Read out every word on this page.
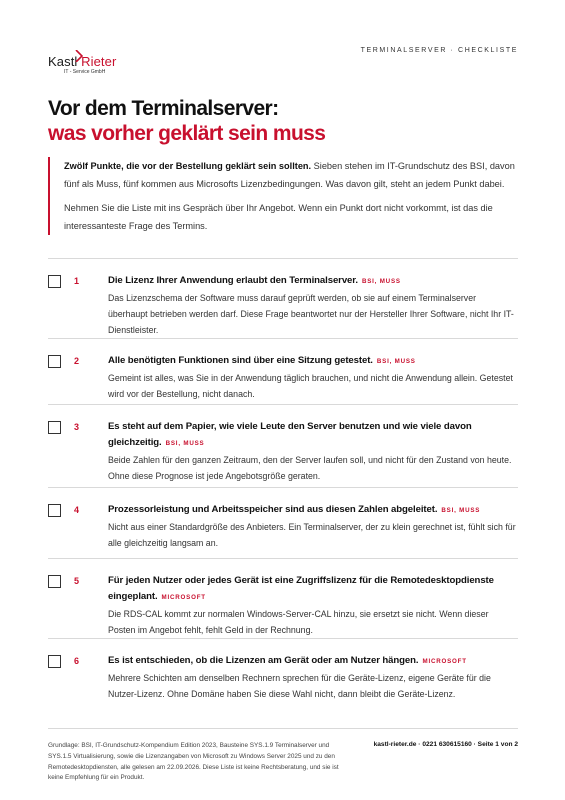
Kastl Rieter
IT - Service GmbH
TERMINALSERVER · CHECKLISTE
Vor dem Terminalserver:
was vorher geklärt sein muss

Zwölf Punkte, die vor der Bestellung geklärt sein sollten. Sieben stehen im IT-Grundschutz des BSI, davon fünf als Muss, fünf kommen aus Microsofts Lizenzbedingungen. Was davon gilt, steht an jedem Punkt dabei.

Nehmen Sie die Liste mit ins Gespräch über Ihr Angebot. Wenn ein Punkt dort nicht vorkommt, ist das die interessanteste Frage des Termins.

1	Die Lizenz Ihrer Anwendung erlaubt den Terminalserver. BSI, MUSS
Das Lizenzschema der Software muss darauf geprüft werden, ob sie auf einem Terminalserver überhaupt betrieben werden darf. Diese Frage beantwortet nur der Hersteller Ihrer Software, nicht Ihr IT-Dienstleister.
2	Alle benötigten Funktionen sind über eine Sitzung getestet. BSI, MUSS
Gemeint ist alles, was Sie in der Anwendung täglich brauchen, und nicht die Anwendung allein. Getestet wird vor der Bestellung, nicht danach.
3	Es steht auf dem Papier, wie viele Leute den Server benutzen und wie viele davon gleichzeitig. BSI, MUSS
Beide Zahlen für den ganzen Zeitraum, den der Server laufen soll, und nicht für den Zustand von heute. Ohne diese Prognose ist jede Angebotsgröße geraten.
4	Prozessorleistung und Arbeitsspeicher sind aus diesen Zahlen abgeleitet. BSI, MUSS
Nicht aus einer Standardgröße des Anbieters. Ein Terminalserver, der zu klein gerechnet ist, fühlt sich für alle gleichzeitig langsam an.
5	Für jeden Nutzer oder jedes Gerät ist eine Zugriffslizenz für die Remotedesktopdienste eingeplant. MICROSOFT
Die RDS-CAL kommt zur normalen Windows-Server-CAL hinzu, sie ersetzt sie nicht. Wenn dieser Posten im Angebot fehlt, fehlt Geld in der Rechnung.
6	Es ist entschieden, ob die Lizenzen am Gerät oder am Nutzer hängen. MICROSOFT
Mehrere Schichten am denselben Rechnern sprechen für die Geräte-Lizenz, eigene Geräte für die Nutzer-Lizenz. Ohne Domäne haben Sie diese Wahl nicht, dann bleibt die Geräte-Lizenz.
Grundlage: BSI, IT-Grundschutz-Kompendium Edition 2023, Bausteine SYS.1.9 Terminalserver und SYS.1.5 Virtualisierung, sowie die Lizenzangaben von Microsoft zu Windows Server 2025 und zu den Remotedesktopdiensten, alle gelesen am 22.09.2026. Diese Liste ist keine Rechtsberatung, und sie ist keine Empfehlung für ein Produkt.
kastl-rieter.de · 0221 630615160 · Seite 1 von 2
